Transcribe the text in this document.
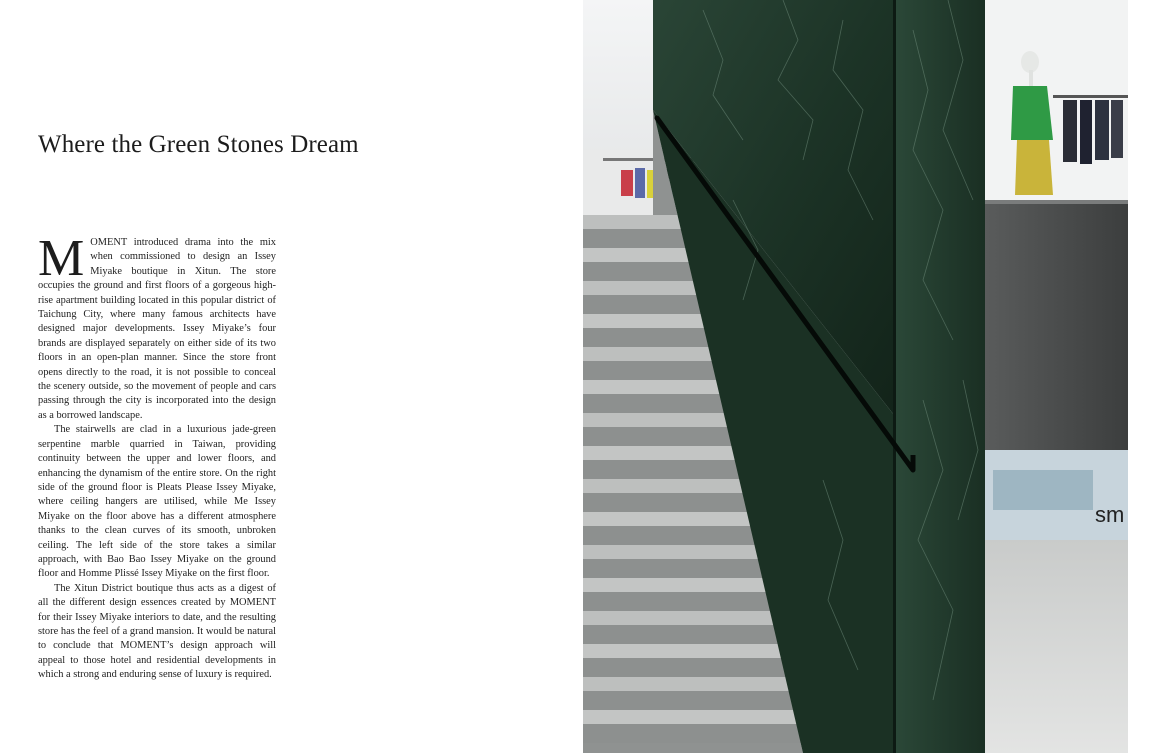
Where the Green Stones Dream

MOMENT introduced drama into the mix when commissioned to design an Issey Miyake boutique in Xitun. The store occupies the ground and first floors of a gorgeous high-rise apartment building located in this popular district of Taichung City, where many famous architects have designed major developments. Issey Miyake’s four brands are displayed separately on either side of its two floors in an open-plan manner. Since the store front opens directly to the road, it is not possible to conceal the scenery outside, so the movement of people and cars passing through the city is incorporated into the design as a borrowed landscape.

The stairwells are clad in a luxurious jade-green serpentine marble quarried in Taiwan, providing continuity between the upper and lower floors, and enhancing the dynamism of the entire store. On the right side of the ground floor is Pleats Please Issey Miyake, where ceiling hangers are utilised, while Me Issey Miyake on the floor above has a different atmosphere thanks to the clean curves of its smooth, unbroken ceiling. The left side of the store takes a similar approach, with Bao Bao Issey Miyake on the ground floor and Homme Plissé Issey Miyake on the first floor.

The Xitun District boutique thus acts as a digest of all the different design essences created by MOMENT for their Issey Miyake interiors to date, and the resulting store has the feel of a grand mansion. It would be natural to conclude that MOMENT’s design approach will appeal to those hotel and residential developments in which a strong and enduring sense of luxury is required.

sm
